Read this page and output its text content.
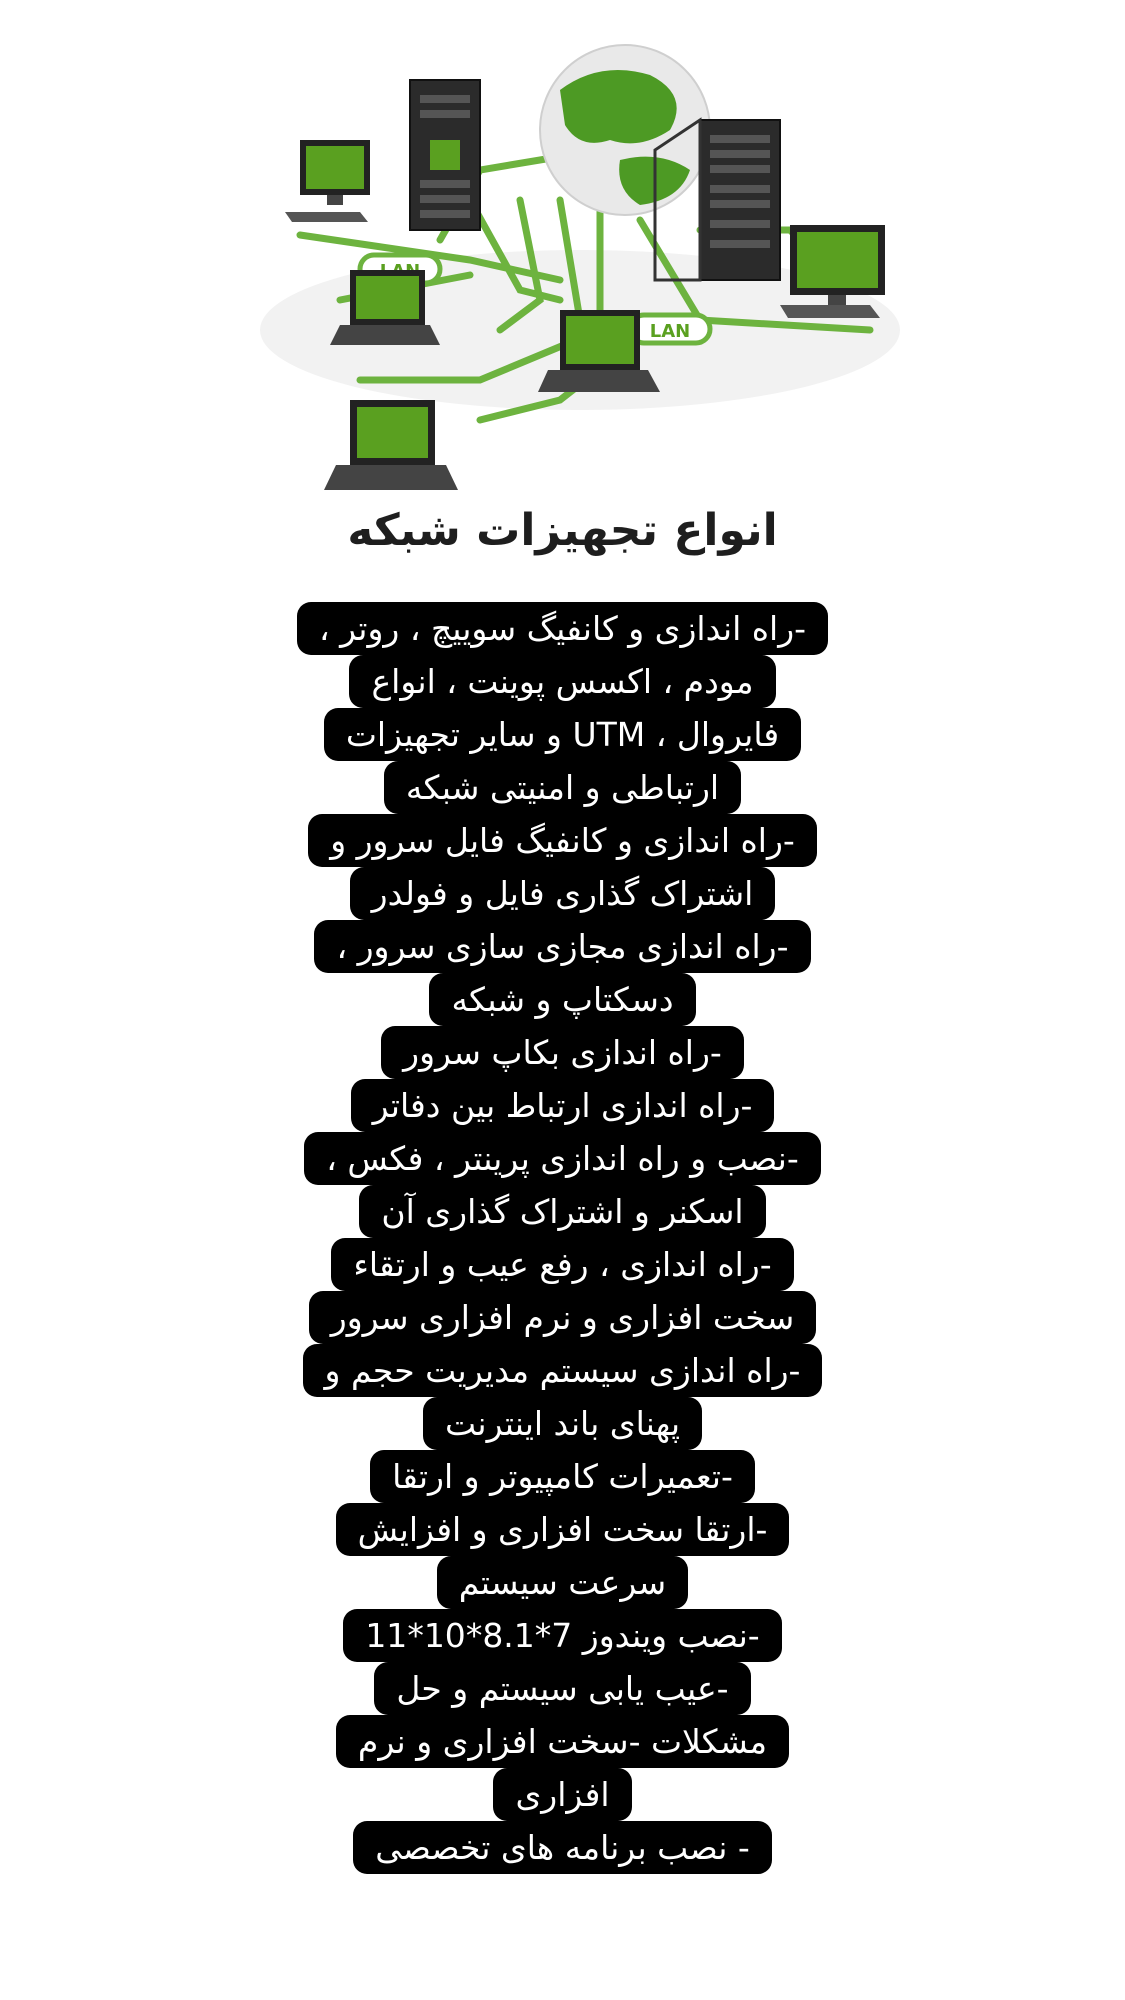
LAN
انواع تجهیزات شبکه
-راه اندازی و کانفیگ سوییچ ، روتر ،
مودم ، اکسس پوینت ، انواع
فایروال ، UTM و سایر تجهیزات
ارتباطی و امنیتی شبکه
-راه اندازی و کانفیگ فایل سرور و
اشتراک گذاری فایل و فولدر
-راه اندازی مجازی سازی سرور ،
دسکتاپ و شبکه
-راه اندازی بکاپ سرور
-راه اندازی ارتباط بین دفاتر
-نصب و راه اندازی پرینتر ، فکس ،
اسکنر و اشتراک گذاری آن
-راه اندازی ، رفع عیب و ارتقاء
سخت افزاری و نرم افزاری سرور
-راه اندازی سیستم مدیریت حجم و
پهنای باند اینترنت
-تعمیرات کامپیوتر و ارتقا
-ارتقا سخت افزاری و افزایش
سرعت سیستم
-نصب ویندوز 7*8.1*10*11
-عیب یابی سیستم و حل
مشکلات -سخت افزاری و نرم
افزاری
- نصب برنامه های تخصصی
